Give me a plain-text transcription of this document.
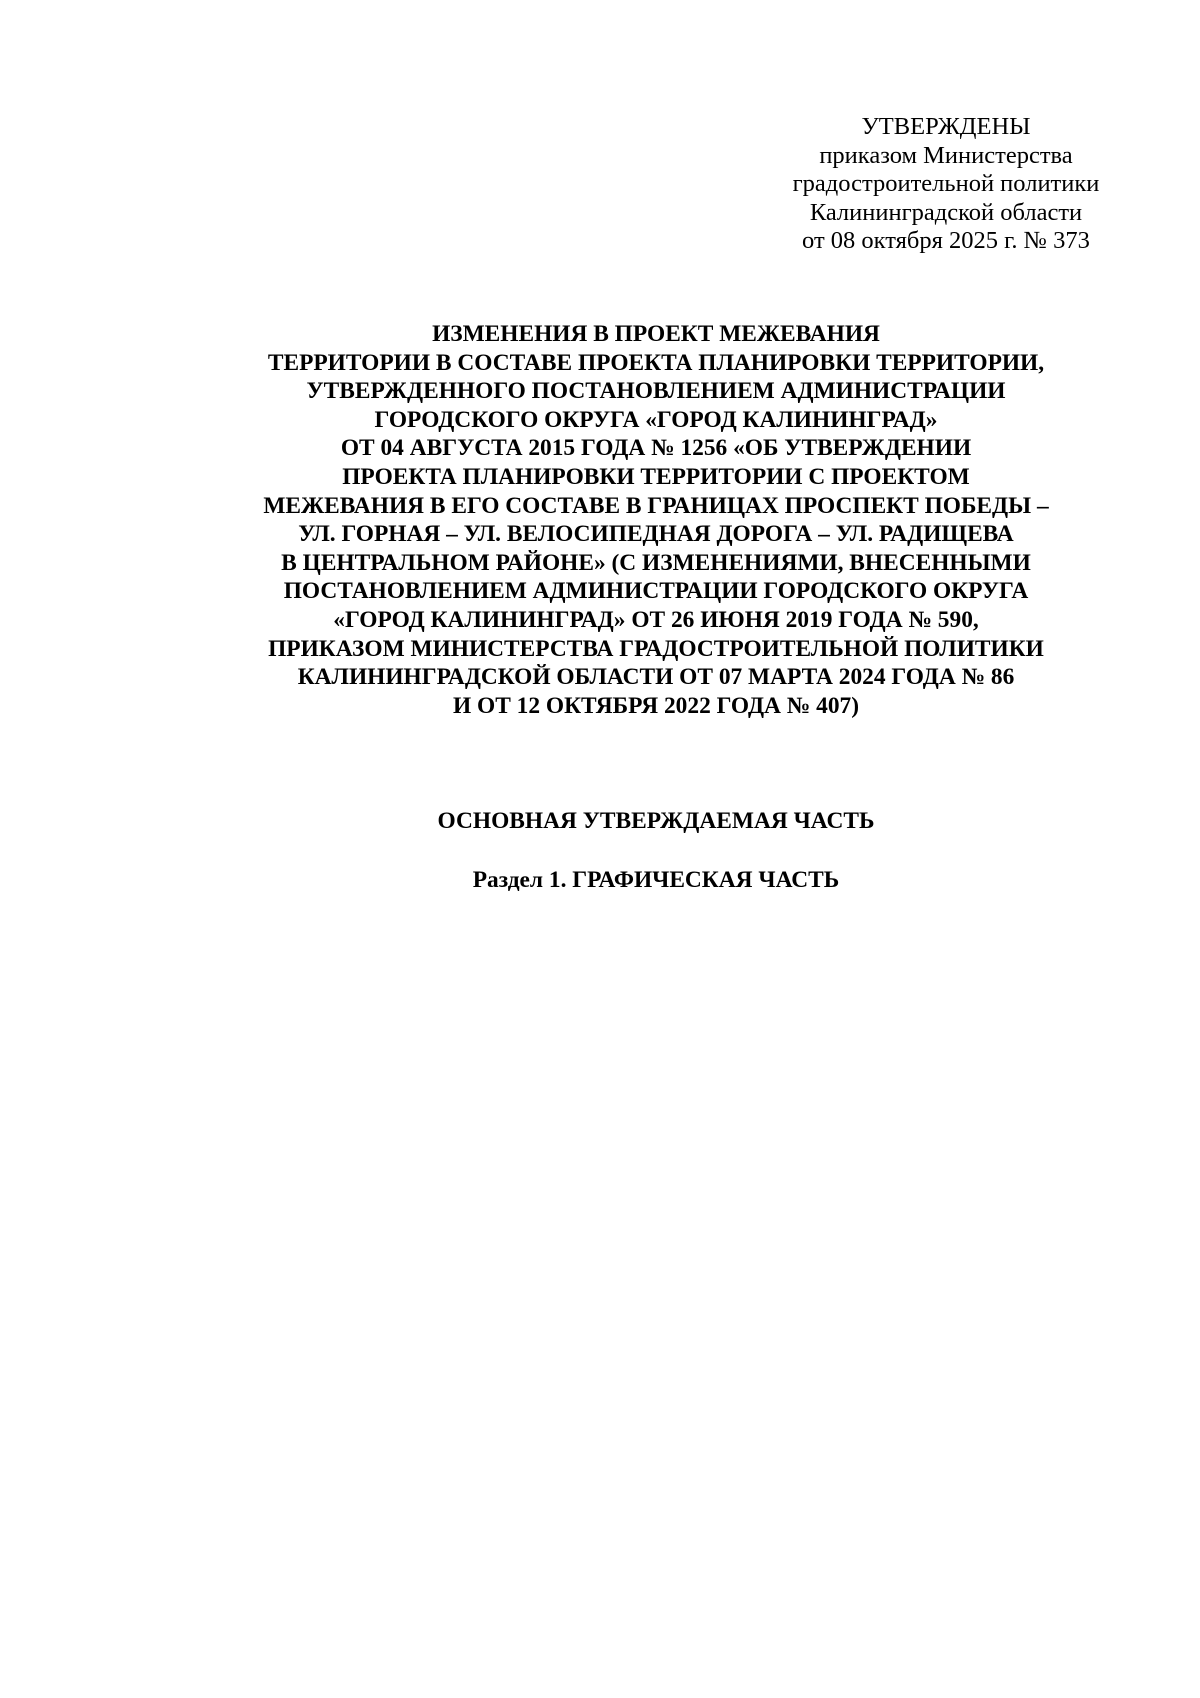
УТВЕРЖДЕНЫ
приказом Министерства
градостроительной политики
Калининградской области
от 08 октября 2025 г. № 373
ИЗМЕНЕНИЯ В ПРОЕКТ МЕЖЕВАНИЯ
ТЕРРИТОРИИ В СОСТАВЕ ПРОЕКТА ПЛАНИРОВКИ ТЕРРИТОРИИ,
УТВЕРЖДЕННОГО ПОСТАНОВЛЕНИЕМ АДМИНИСТРАЦИИ
ГОРОДСКОГО ОКРУГА «ГОРОД КАЛИНИНГРАД»
ОТ 04 АВГУСТА 2015 ГОДА № 1256 «ОБ УТВЕРЖДЕНИИ
ПРОЕКТА ПЛАНИРОВКИ ТЕРРИТОРИИ С ПРОЕКТОМ
МЕЖЕВАНИЯ В ЕГО СОСТАВЕ В ГРАНИЦАХ ПРОСПЕКТ ПОБЕДЫ –
УЛ. ГОРНАЯ – УЛ. ВЕЛОСИПЕДНАЯ ДОРОГА – УЛ. РАДИЩЕВА
В ЦЕНТРАЛЬНОМ РАЙОНЕ» (С ИЗМЕНЕНИЯМИ, ВНЕСЕННЫМИ
ПОСТАНОВЛЕНИЕМ АДМИНИСТРАЦИИ ГОРОДСКОГО ОКРУГА
«ГОРОД КАЛИНИНГРАД» ОТ 26 ИЮНЯ 2019 ГОДА № 590,
ПРИКАЗОМ МИНИСТЕРСТВА ГРАДОСТРОИТЕЛЬНОЙ ПОЛИТИКИ
КАЛИНИНГРАДСКОЙ ОБЛАСТИ ОТ 07 МАРТА 2024 ГОДА № 86
И ОТ 12 ОКТЯБРЯ 2022 ГОДА № 407)
ОСНОВНАЯ УТВЕРЖДАЕМАЯ ЧАСТЬ
Раздел 1. ГРАФИЧЕСКАЯ ЧАСТЬ
